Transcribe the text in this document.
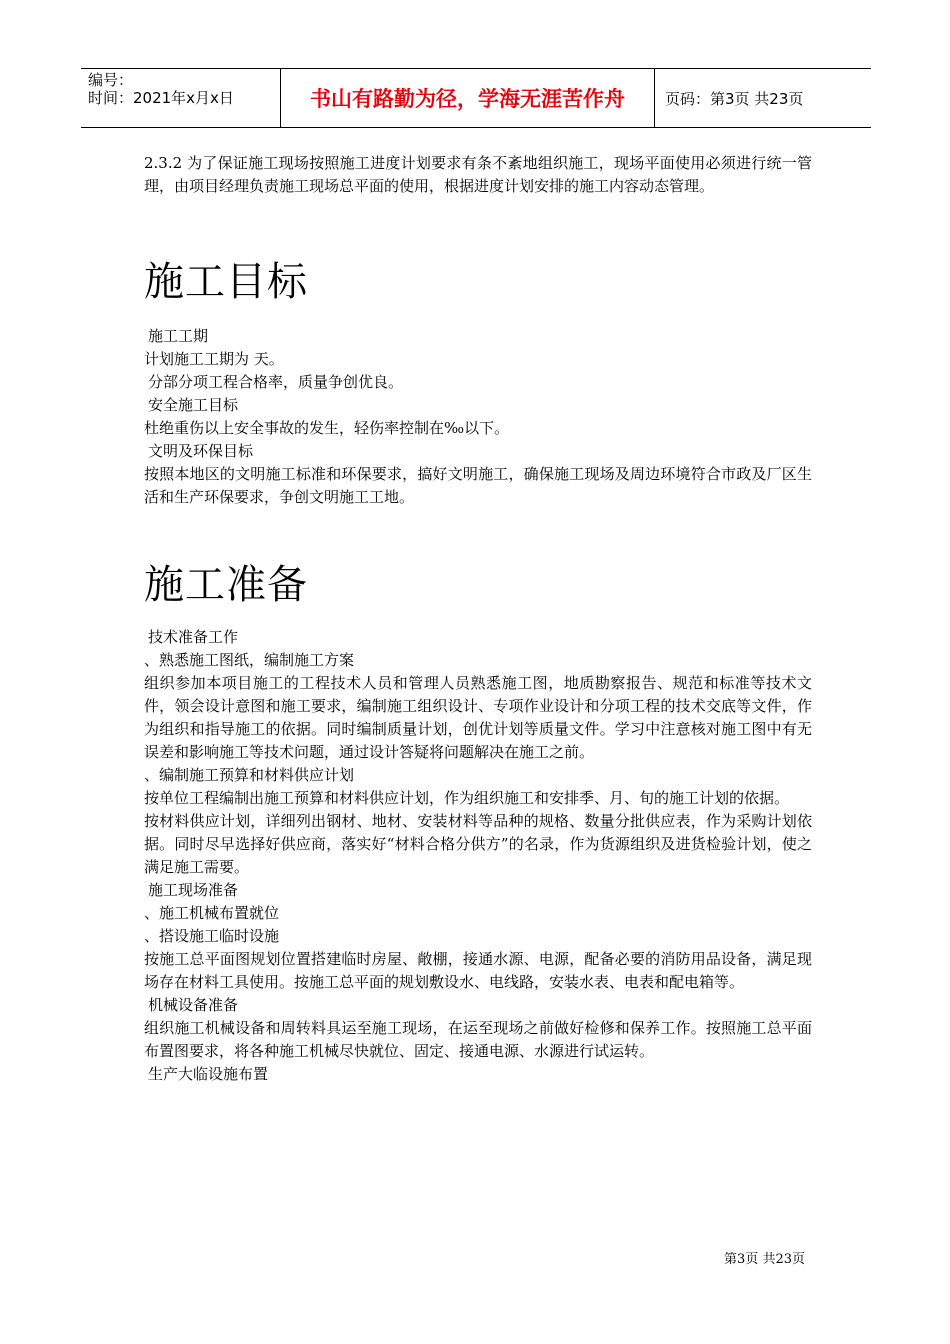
编号：
时间：2021年x月x日	书山有路勤为径，学海无涯苦作舟	页码：第3页 共23页

2.3.2 为了保证施工现场按照施工进度计划要求有条不紊地组织施工，现场平面使用必须进行统一管理，由项目经理负责施工现场总平面的使用，根据进度计划安排的施工内容动态管理。

施工目标

施工工期

计划施工工期为 天。

分部分项工程合格率，质量争创优良。

安全施工目标

杜绝重伤以上安全事故的发生，轻伤率控制在‰以下。

文明及环保目标

按照本地区的文明施工标准和环保要求，搞好文明施工，确保施工现场及周边环境符合市政及厂区生活和生产环保要求，争创文明施工工地。

施工准备

技术准备工作

、熟悉施工图纸，编制施工方案

组织参加本项目施工的工程技术人员和管理人员熟悉施工图，地质勘察报告、规范和标准等技术文件，领会设计意图和施工要求，编制施工组织设计、专项作业设计和分项工程的技术交底等文件，作为组织和指导施工的依据。同时编制质量计划，创优计划等质量文件。学习中注意核对施工图中有无误差和影响施工等技术问题，通过设计答疑将问题解决在施工之前。

、编制施工预算和材料供应计划

按单位工程编制出施工预算和材料供应计划，作为组织施工和安排季、月、旬的施工计划的依据。

按材料供应计划，详细列出钢材、地材、安装材料等品种的规格、数量分批供应表，作为采购计划依据。同时尽早选择好供应商，落实好“材料合格分供方”的名录，作为货源组织及进货检验计划，使之满足施工需要。

施工现场准备

、施工机械布置就位

、搭设施工临时设施

按施工总平面图规划位置搭建临时房屋、敞棚，接通水源、电源，配备必要的消防用品设备，满足现场存在材料工具使用。按施工总平面的规划敷设水、电线路，安装水表、电表和配电箱等。

机械设备准备

组织施工机械设备和周转料具运至施工现场，在运至现场之前做好检修和保养工作。按照施工总平面布置图要求，将各种施工机械尽快就位、固定、接通电源、水源进行试运转。

生产大临设施布置

第3页 共23页
